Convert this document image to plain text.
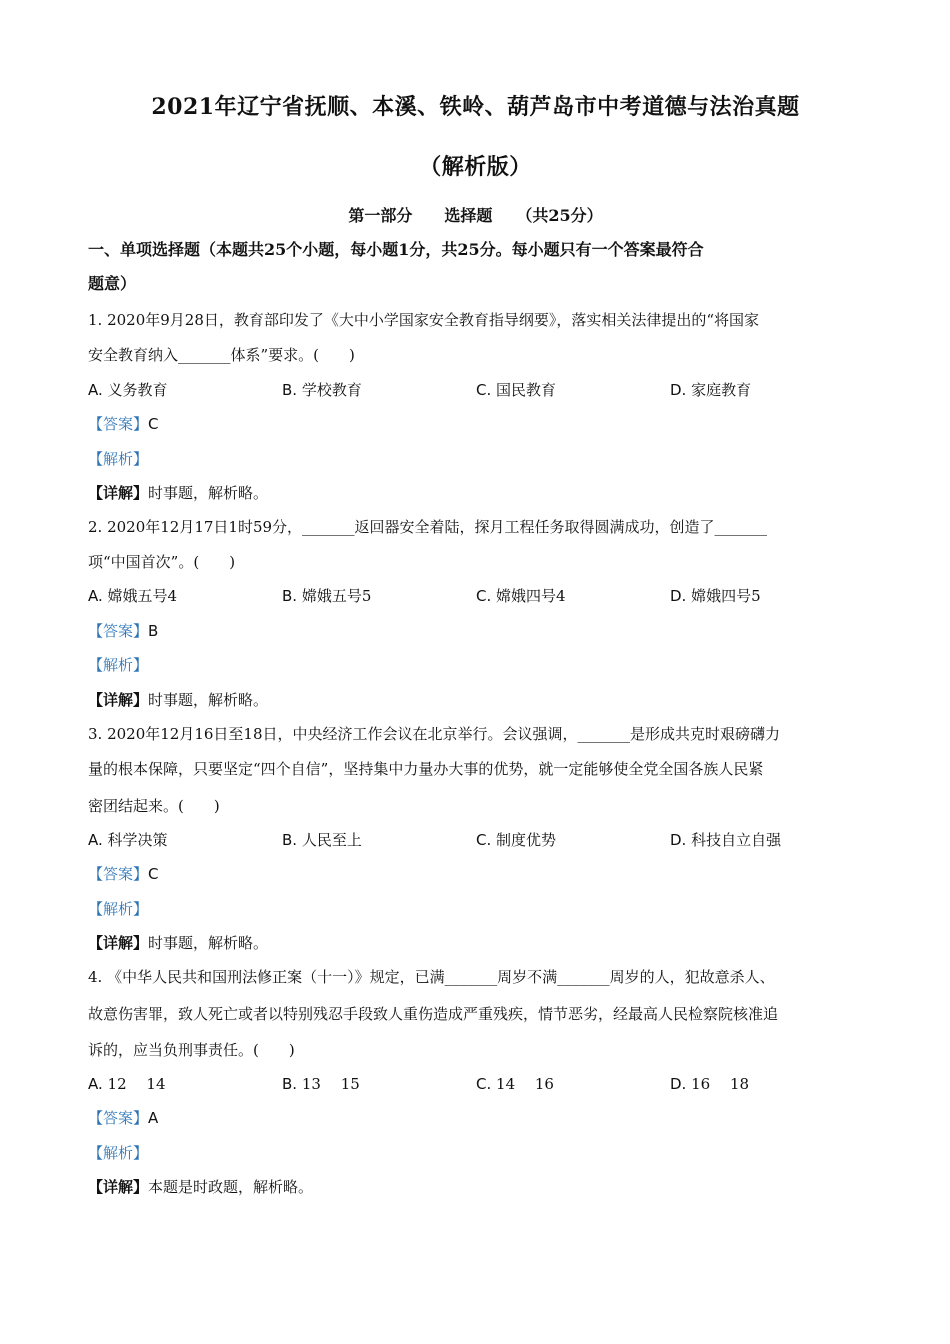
2021年辽宁省抚顺、本溪、铁岭、葫芦岛市中考道德与法治真题
（解析版）
第一部分　　选择题　　（共25分）
一、单项选择题（本题共25个小题，每小题1分，共25分。每小题只有一个答案最符合
题意）
1. 2020年9月28日，教育部印发了《大中小学国家安全教育指导纲要》，落实相关法律提出的“将国家
安全教育纳入_______体系”要求。(　　)
A. 义务教育	B. 学校教育	C. 国民教育	D. 家庭教育
【答案】C
【解析】
【详解】时事题，解析略。
2. 2020年12月17日1时59分，_______返回器安全着陆，探月工程任务取得圆满成功，创造了_______
项“中国首次”。(　　)
A. 嫦娥五号4	B. 嫦娥五号5	C. 嫦娥四号4	D. 嫦娥四号5
【答案】B
【解析】
【详解】时事题，解析略。
3. 2020年12月16日至18日，中央经济工作会议在北京举行。会议强调，_______是形成共克时艰磅礴力
量的根本保障，只要坚定“四个自信”，坚持集中力量办大事的优势，就一定能够使全党全国各族人民紧
密团结起来。(　　)
A. 科学决策	B. 人民至上	C. 制度优势	D. 科技自立自强
【答案】C
【解析】
【详解】时事题，解析略。
4. 《中华人民共和国刑法修正案（十一）》规定，已满_______周岁不满_______周岁的人，犯故意杀人、
故意伤害罪，致人死亡或者以特别残忍手段致人重伤造成严重残疾，情节恶劣，经最高人民检察院核准追
诉的，应当负刑事责任。(　　)
A. 12　 14	B. 13　 15	C. 14　 16	D. 16　 18
【答案】A
【解析】
【详解】本题是时政题，解析略。
